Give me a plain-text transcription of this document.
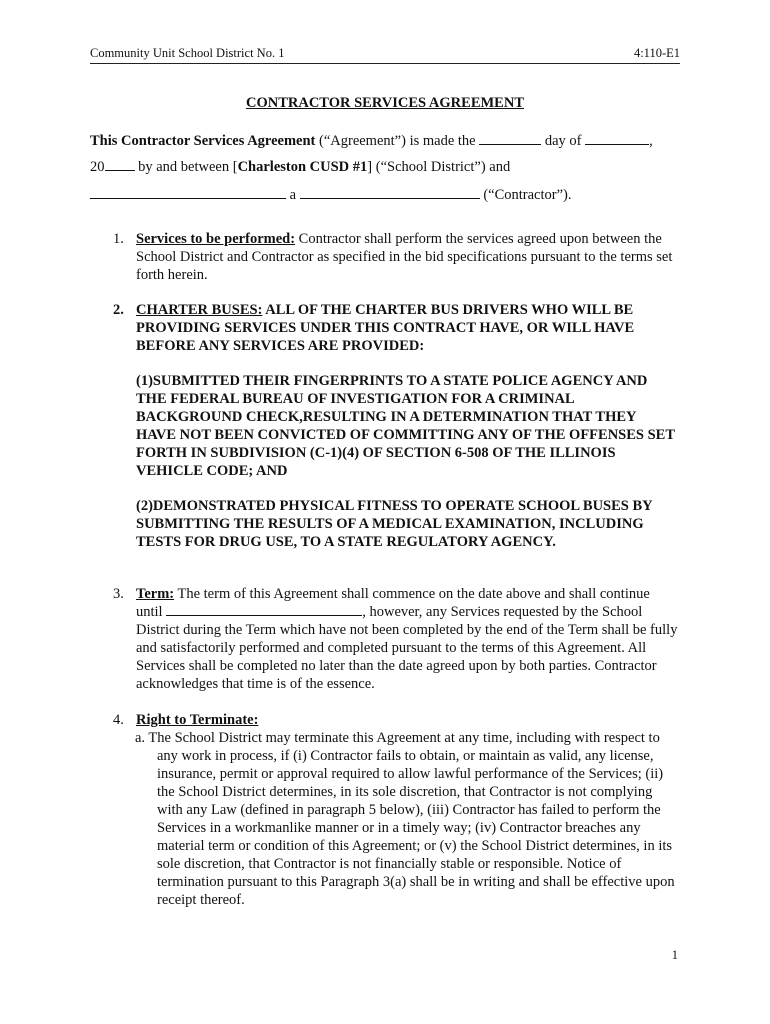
Community Unit School District No. 1	4:110-E1
CONTRACTOR SERVICES AGREEMENT
This Contractor Services Agreement (“Agreement”) is made the	day of	,
20 by and between [Charleston CUSD #1] (“School District”) and
a	(“Contractor”).
1. Services to be performed: Contractor shall perform the services agreed upon between the School District and Contractor as specified in the bid specifications pursuant to the terms set forth herein.
2. CHARTER BUSES: ALL OF THE CHARTER BUS DRIVERS WHO WILL BE PROVIDING SERVICES UNDER THIS CONTRACT HAVE, OR WILL HAVE BEFORE ANY SERVICES ARE PROVIDED:
(1)SUBMITTED THEIR FINGERPRINTS TO A STATE POLICE AGENCY AND THE FEDERAL BUREAU OF INVESTIGATION FOR A CRIMINAL BACKGROUND CHECK,RESULTING IN A DETERMINATION THAT THEY HAVE NOT BEEN CONVICTED OF COMMITTING ANY OF THE OFFENSES SET FORTH IN SUBDIVISION (C-1)(4) OF SECTION 6-508 OF THE ILLINOIS VEHICLE CODE; AND
(2)DEMONSTRATED PHYSICAL FITNESS TO OPERATE SCHOOL BUSES BY SUBMITTING THE RESULTS OF A MEDICAL EXAMINATION, INCLUDING TESTS FOR DRUG USE, TO A STATE REGULATORY AGENCY.
3. Term: The term of this Agreement shall commence on the date above and shall continue until	, however, any Services requested by the School District during the Term which have not been completed by the end of the Term shall be fully and satisfactorily performed and completed pursuant to the terms of this Agreement. All Services shall be completed no later than the date agreed upon by both parties. Contractor acknowledges that time is of the essence.
4. Right to Terminate:
a. The School District may terminate this Agreement at any time, including with respect to any work in process, if (i) Contractor fails to obtain, or maintain as valid, any license, insurance, permit or approval required to allow lawful performance of the Services; (ii) the School District determines, in its sole discretion, that Contractor is not complying with any Law (defined in paragraph 5 below), (iii) Contractor has failed to perform the Services in a workmanlike manner or in a timely way; (iv) Contractor breaches any material term or condition of this Agreement; or (v) the School District determines, in its sole discretion, that Contractor is not financially stable or responsible. Notice of termination pursuant to this Paragraph 3(a) shall be in writing and shall be effective upon receipt thereof.
1
